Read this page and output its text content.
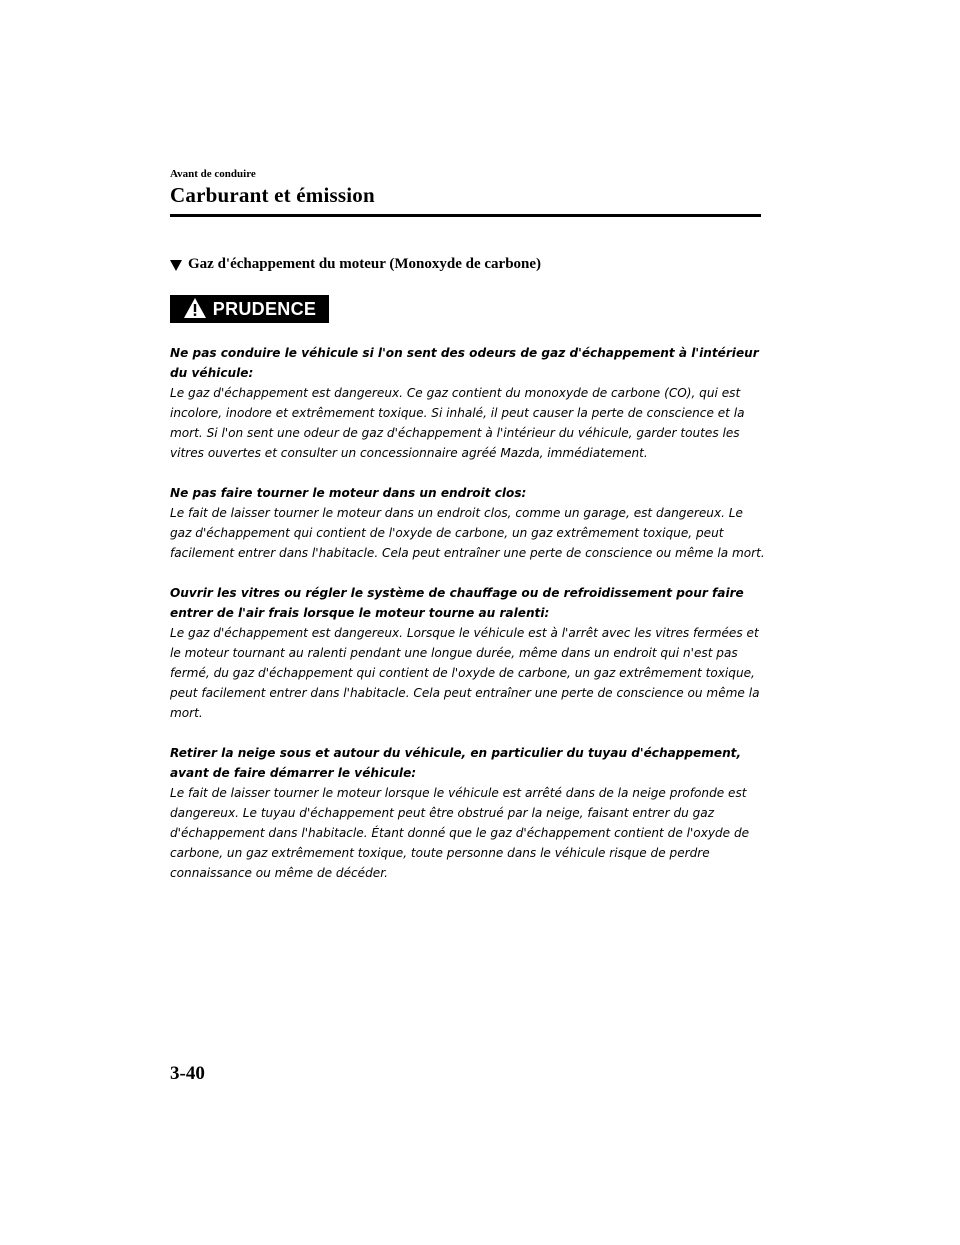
Avant de conduire
Carburant et émission
Gaz d'échappement du moteur (Monoxyde de carbone)
PRUDENCE
Ne pas conduire le véhicule si l'on sent des odeurs de gaz d'échappement à l'intérieur du véhicule:
Le gaz d'échappement est dangereux. Ce gaz contient du monoxyde de carbone (CO), qui est incolore, inodore et extrêmement toxique. Si inhalé, il peut causer la perte de conscience et la mort. Si l'on sent une odeur de gaz d'échappement à l'intérieur du véhicule, garder toutes les vitres ouvertes et consulter un concessionnaire agréé Mazda, immédiatement.
Ne pas faire tourner le moteur dans un endroit clos:
Le fait de laisser tourner le moteur dans un endroit clos, comme un garage, est dangereux. Le gaz d'échappement qui contient de l'oxyde de carbone, un gaz extrêmement toxique, peut facilement entrer dans l'habitacle. Cela peut entraîner une perte de conscience ou même la mort.
Ouvrir les vitres ou régler le système de chauffage ou de refroidissement pour faire entrer de l'air frais lorsque le moteur tourne au ralenti:
Le gaz d'échappement est dangereux. Lorsque le véhicule est à l'arrêt avec les vitres fermées et le moteur tournant au ralenti pendant une longue durée, même dans un endroit qui n'est pas fermé, du gaz d'échappement qui contient de l'oxyde de carbone, un gaz extrêmement toxique, peut facilement entrer dans l'habitacle. Cela peut entraîner une perte de conscience ou même la mort.
Retirer la neige sous et autour du véhicule, en particulier du tuyau d'échappement, avant de faire démarrer le véhicule:
Le fait de laisser tourner le moteur lorsque le véhicule est arrêté dans de la neige profonde est dangereux. Le tuyau d'échappement peut être obstrué par la neige, faisant entrer du gaz d'échappement dans l'habitacle. Étant donné que le gaz d'échappement contient de l'oxyde de carbone, un gaz extrêmement toxique, toute personne dans le véhicule risque de perdre connaissance ou même de décéder.
3-40
